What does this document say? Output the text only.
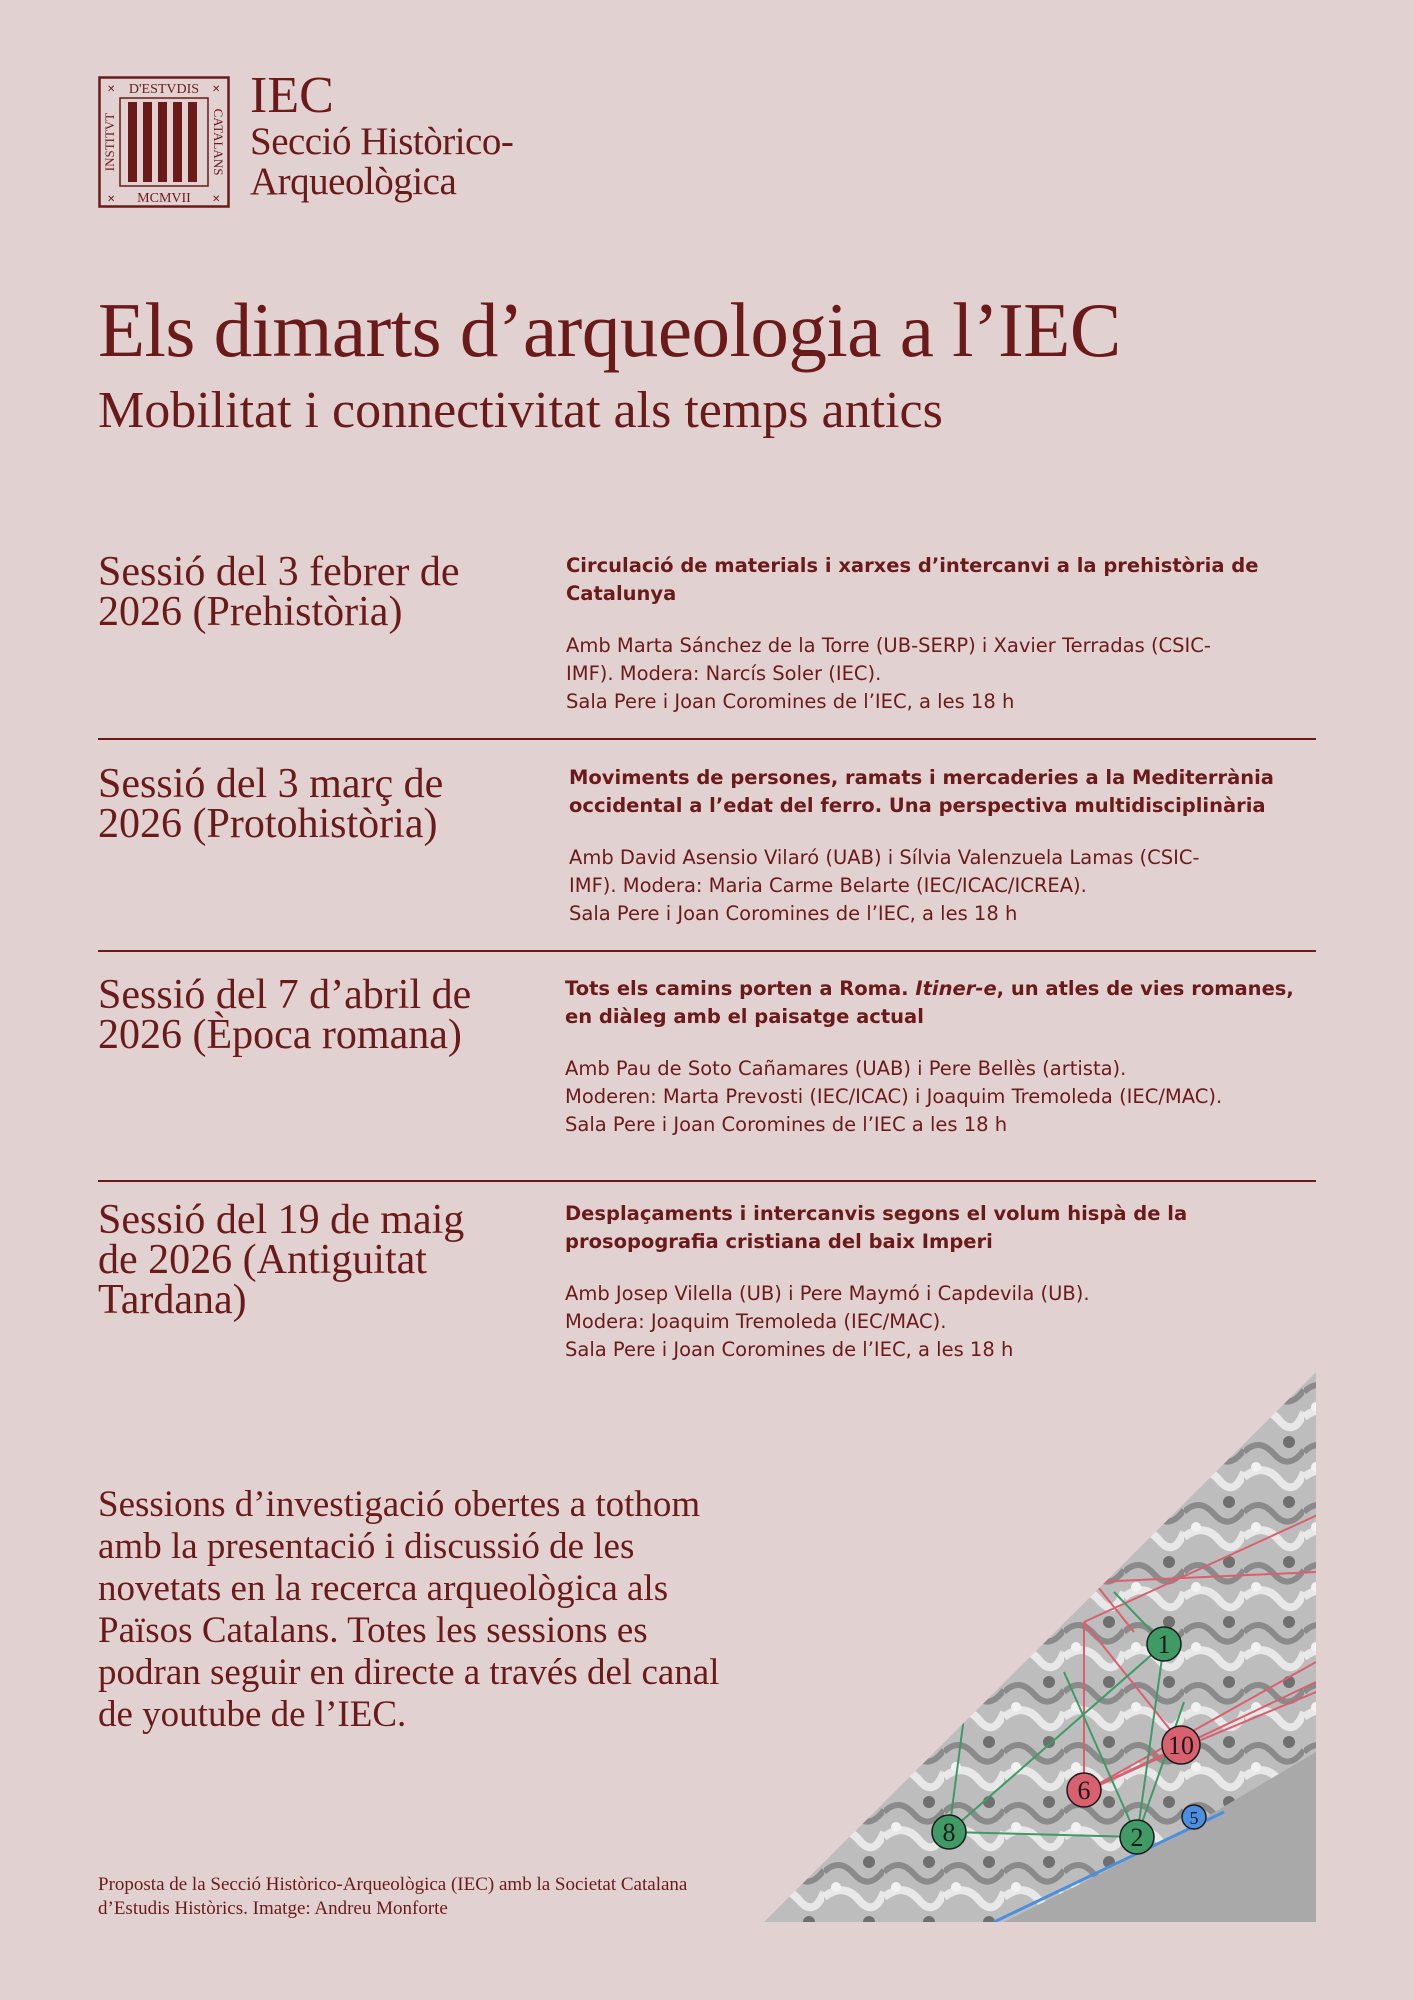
D'ESTVDIS
MCMVII
INSTITVT	CATALANS
✕	✕
✕	✕
IEC
Secció Històrico-
Arqueològica
Els dimarts d’arqueologia a l’IEC
Mobilitat i connectivitat als temps antics
Sessió del 3 febrer de
2026 (Prehistòria)
Circulació de materials i xarxes d’intercanvi a la prehistòria de
Catalunya
Amb Marta Sánchez de la Torre (UB-SERP) i Xavier Terradas (CSIC-
IMF). Modera: Narcís Soler (IEC).
Sala Pere i Joan Coromines de l’IEC, a les 18 h
Sessió del 3 març de
2026 (Protohistòria)
Moviments de persones, ramats i mercaderies a la Mediterrània
occidental a l’edat del ferro. Una perspectiva multidisciplinària
Amb David Asensio Vilaró (UAB) i Sílvia Valenzuela Lamas (CSIC-
IMF). Modera: Maria Carme Belarte (IEC/ICAC/ICREA).
Sala Pere i Joan Coromines de l’IEC, a les 18 h
Sessió del 7 d’abril de
2026 (Època romana)
Tots els camins porten a Roma. Itiner-e, un atles de vies romanes,
en diàleg amb el paisatge actual
Amb Pau de Soto Cañamares (UAB) i Pere Bellès (artista).
Moderen: Marta Prevosti (IEC/ICAC) i Joaquim Tremoleda (IEC/MAC).
Sala Pere i Joan Coromines de l’IEC a les 18 h
Sessió del 19 de maig
de 2026 (Antiguitat
Tardana)
Desplaçaments i intercanvis segons el volum hispà de la
prosopografia cristiana del baix Imperi
Amb Josep Vilella (UB) i Pere Maymó i Capdevila (UB).
Modera: Joaquim Tremoleda (IEC/MAC).
Sala Pere i Joan Coromines de l’IEC, a les 18 h
Sessions d’investigació obertes a tothom amb la presentació i discussió de les novetats en la recerca arqueològica als Països Catalans. Totes les sessions es podran seguir en directe a través del canal de youtube de l’IEC.
Proposta de la Secció Històrico-Arqueològica (IEC) amb la Societat Catalana d’Estudis Històrics. Imatge: Andreu Monforte
1
10
6
8	2
5
